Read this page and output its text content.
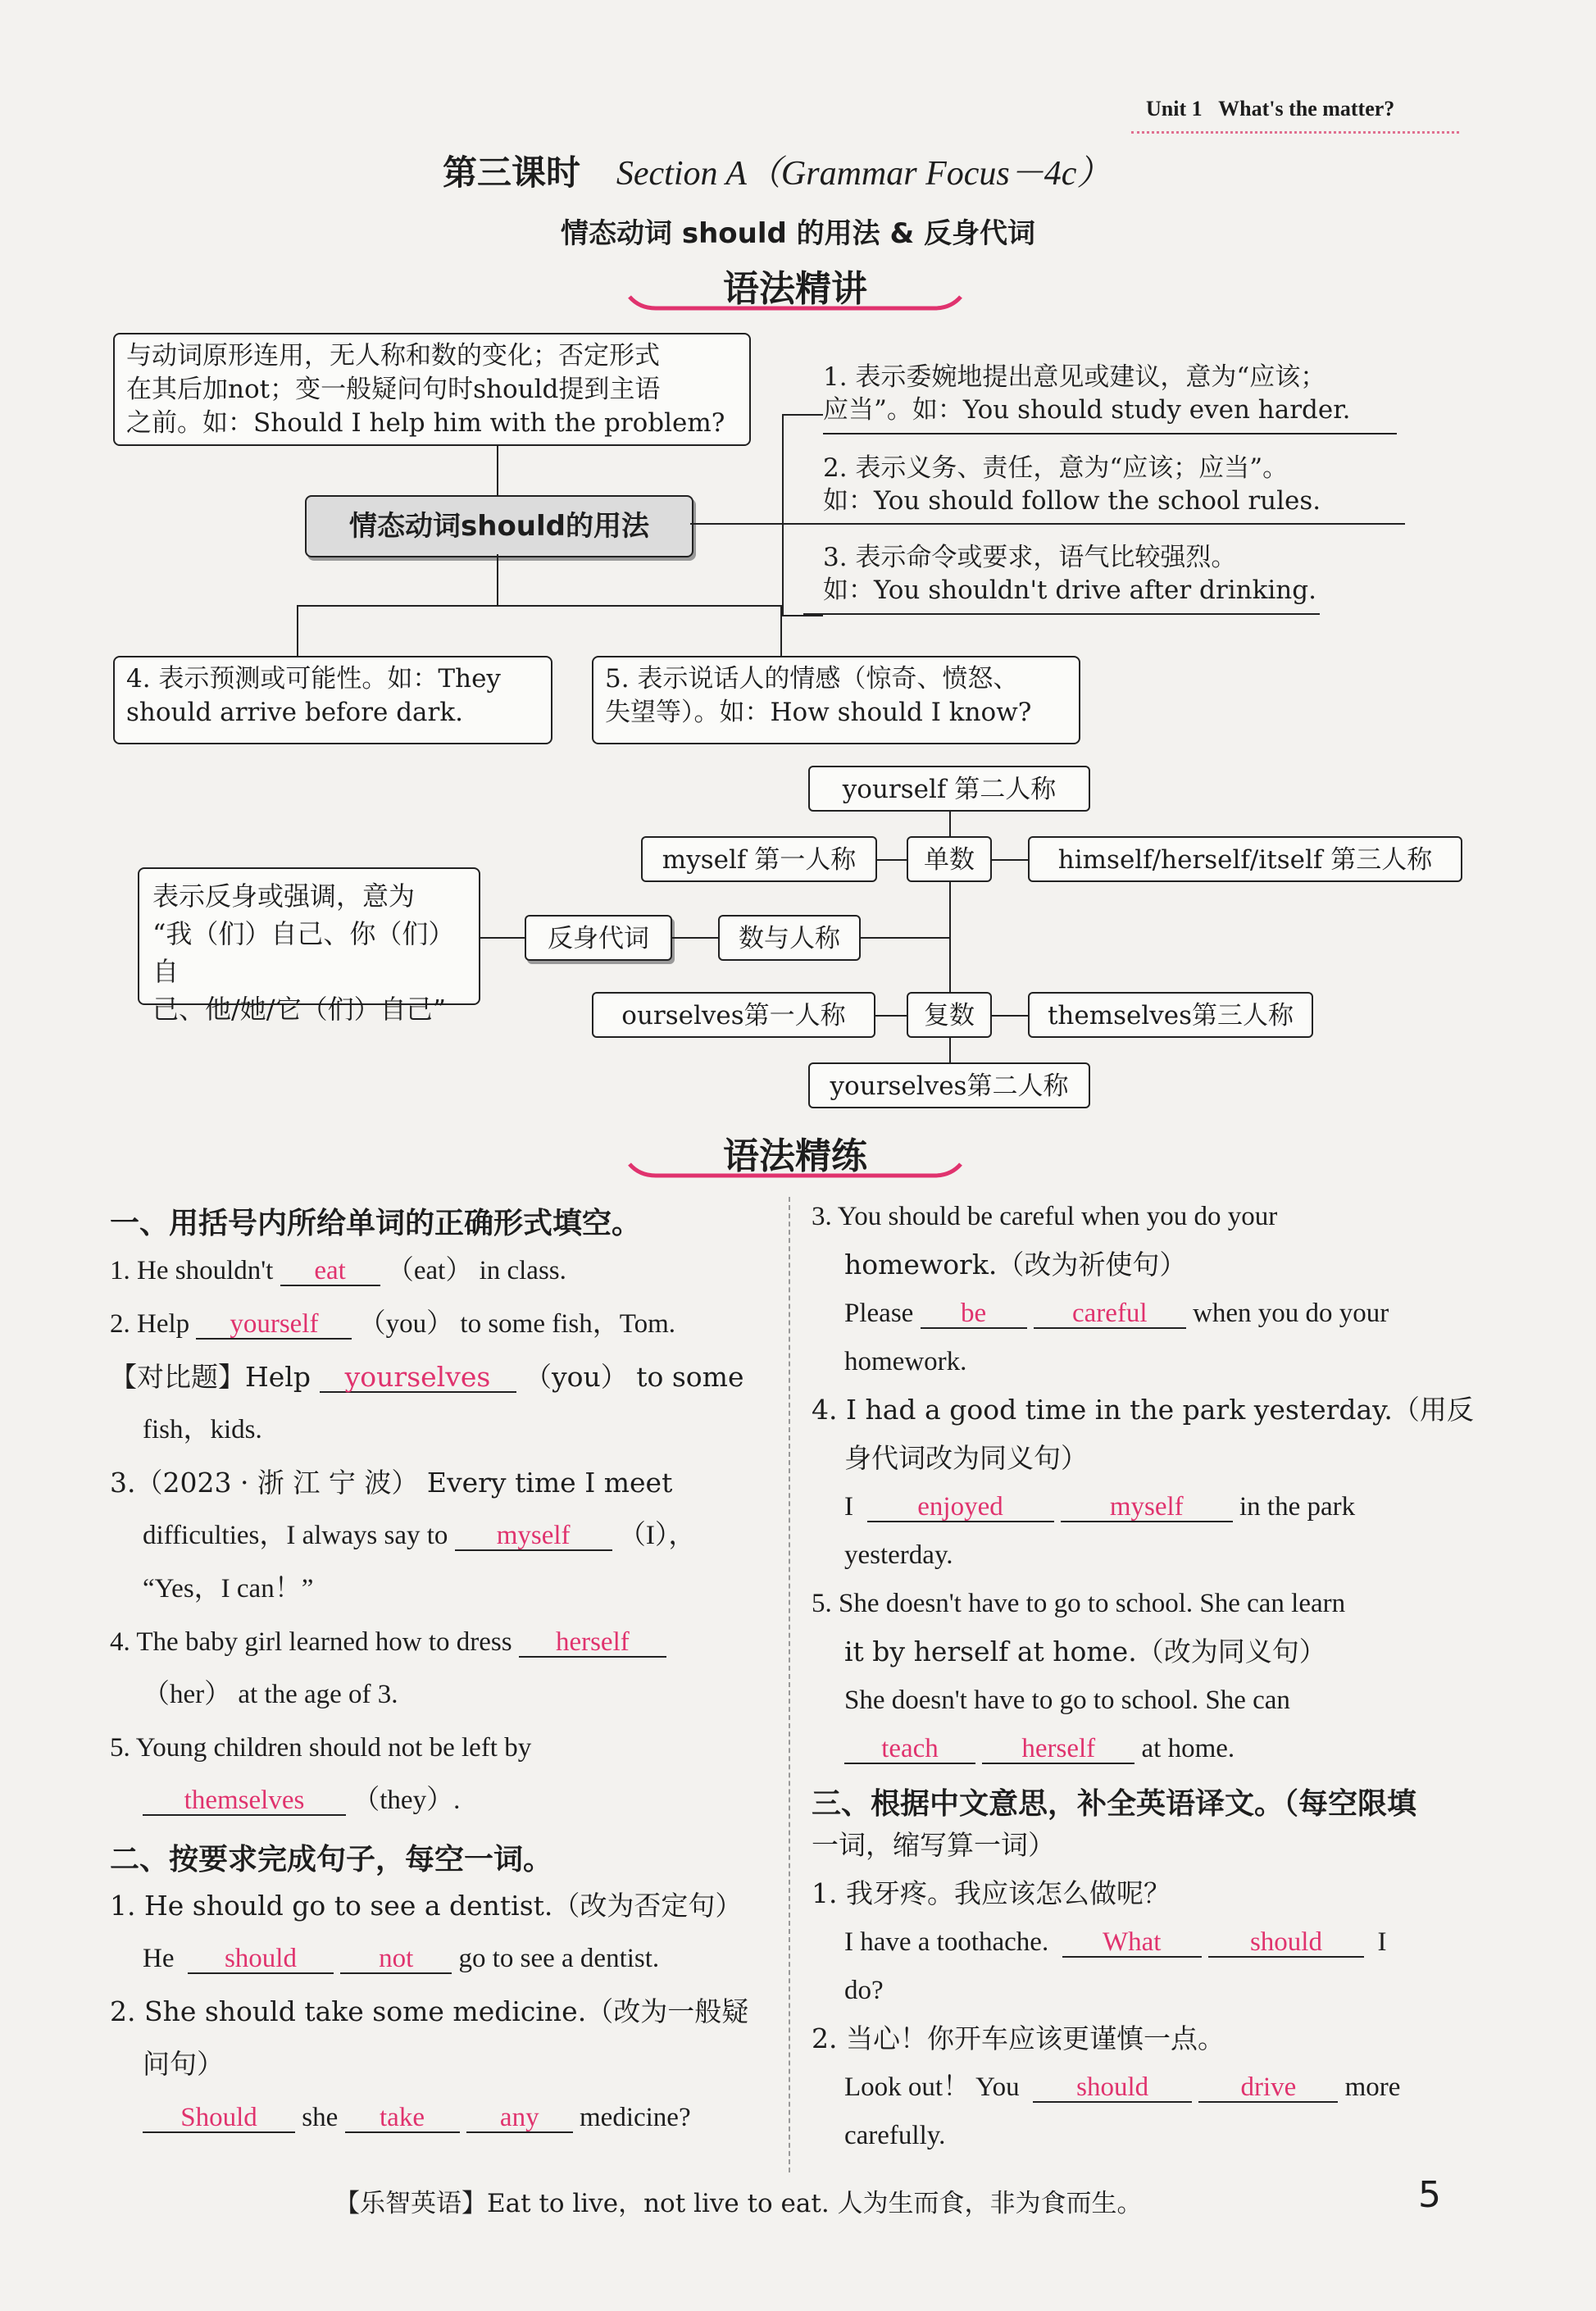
Unit 1 What's the matter?
第三课时 Section A（Grammar Focus－4c）
情态动词 should 的用法 & 反身代词
语法精讲
与动词原形连用，无人称和数的变化；否定形式
在其后加not；变一般疑问句时should提到主语
之前。如：Should I help him with the problem?
情态动词should的用法
1. 表示委婉地提出意见或建议，意为“应该；
应当”。如：You should study even harder.
2. 表示义务、责任，意为“应该；应当”。
如：You should follow the school rules.
3. 表示命令或要求，语气比较强烈。
如：You shouldn't drive after drinking.
4. 表示预测或可能性。如：They
should arrive before dark.
5. 表示说话人的情感（惊奇、愤怒、
失望等）。如：How should I know?
yourself 第二人称
myself 第一人称	单数	himself/herself/itself 第三人称
表示反身或强调，意为
“我（们）自己、你（们）自
己、他/她/它（们）自己”
反身代词	数与人称
ourselves第一人称	复数	themselves第三人称
yourselves第二人称
语法精练
一、用括号内所给单词的正确形式填空。
1. He shouldn't eat （eat） in class.
2. Help yourself （you） to some fish，Tom.
【对比题】Help yourselves （you） to some
fish，kids.
3.（2023 · 浙 江 宁 波） Every time I meet
difficulties，I always say to myself （I），
“Yes，I can！”
4. The baby girl learned how to dress herself
（her） at the age of 3.
5. Young children should not be left by
themselves （they）.
二、按要求完成句子，每空一词。
1. He should go to see a dentist.（改为否定句）
He should	not go to see a dentist.
2. She should take some medicine.（改为一般疑
问句）
Should she take	any medicine?
3. You should be careful when you do your
homework.（改为祈使句）
Please be	careful when you do your
homework.
4. I had a good time in the park yesterday.（用反
身代词改为同义句）
I enjoyed	myself in the park
yesterday.
5. She doesn't have to go to school. She can learn
it by herself at home.（改为同义句）
She doesn't have to go to school. She can
teach	herself at home.
三、根据中文意思，补全英语译文。（每空限填
一词，缩写算一词）
1. 我牙疼。我应该怎么做呢？
I have a toothache. What	should I
do?
2. 当心！你开车应该更谨慎一点。
Look out！ You should	drive more
carefully.
【乐智英语】Eat to live，not live to eat. 人为生而食，非为食而生。	5
